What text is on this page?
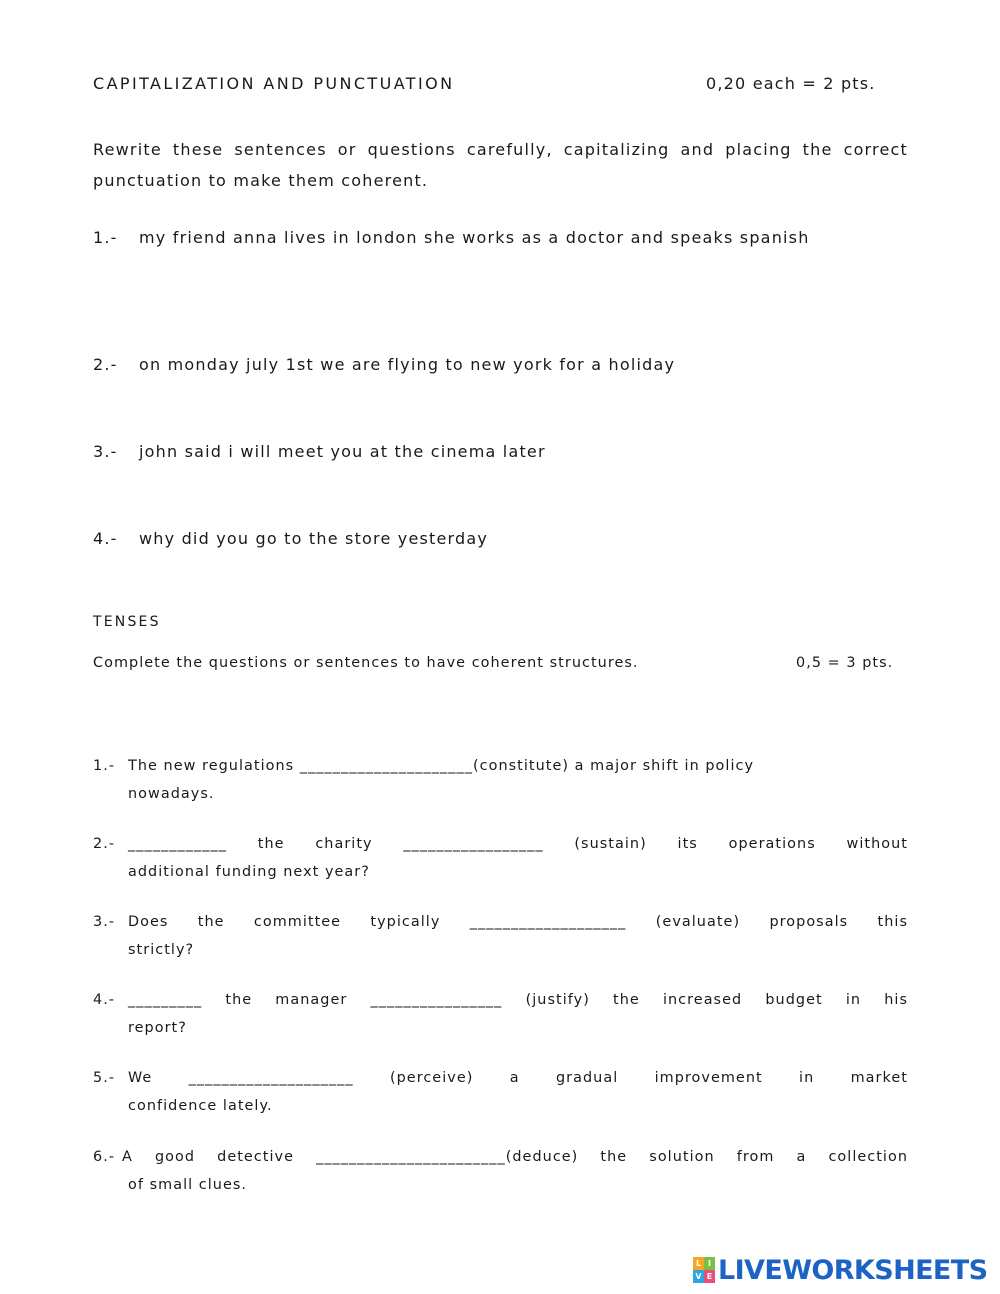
CAPITALIZATION AND PUNCTUATION	0,20 each = 2 pts.
Rewrite these sentences or questions carefully, capitalizing and placing the correct punctuation to make them coherent.
1.-	my friend anna lives in london she works as a doctor and speaks spanish
2.-	on monday july 1st we are flying to new york for a holiday
3.-	john said i will meet you at the cinema later
4.-	why did you go to the store yesterday
TENSES
Complete the questions or sentences to have coherent structures.	0,5 = 3 pts.
1.- The new regulations _____________________(constitute) a major shift in policy
nowadays.
2.- ____________ the charity _________________ (sustain) its operations without
additional funding next year?
3.- Does the committee typically ___________________ (evaluate) proposals this
strictly?
4.- _________ the manager ________________ (justify) the increased budget in his
report?
5.- We ____________________ (perceive) a gradual improvement in market
confidence lately.
6.- A good detective _______________________(deduce) the solution from a collection
of small clues.
L I
V E LIVEWORKSHEETS
